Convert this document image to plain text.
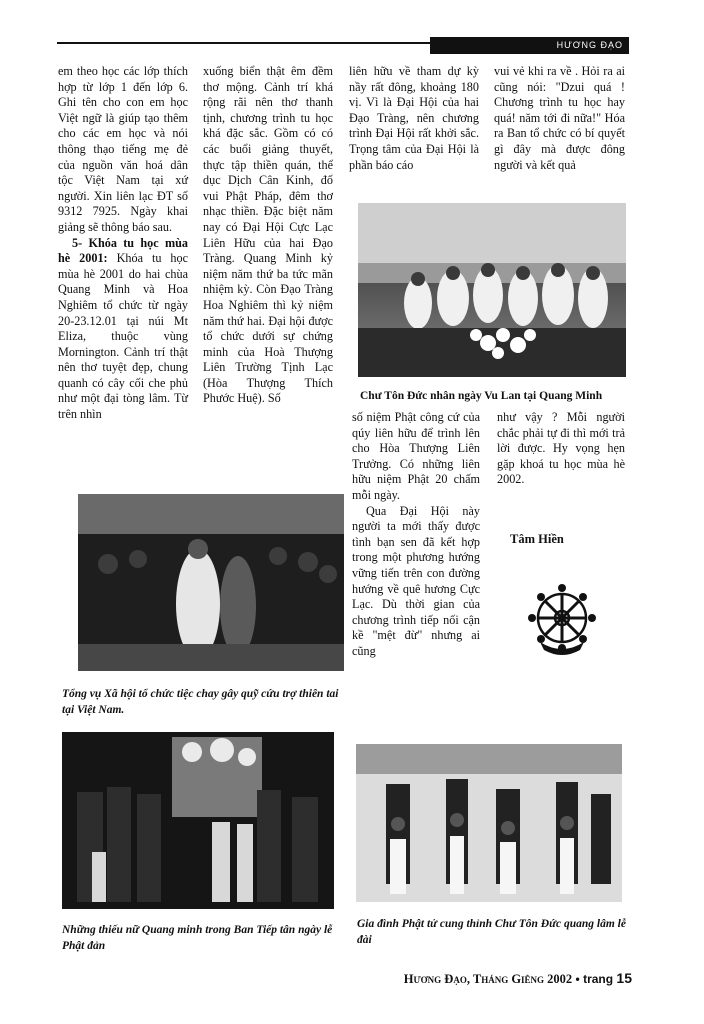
HƯƠNG ĐẠO

em theo học các lớp thích hợp từ lớp 1 đến lớp 6. Ghi tên cho con em học Việt ngữ là giúp tạo thêm cho các em học và nói thông thạo tiếng mẹ đẻ của nguồn văn hoá dân tộc Việt Nam tại xứ người. Xin liên lạc ĐT số 9312 7925. Ngày khai giảng sẽ thông báo sau.

5- Khóa tu học mùa hè 2001: Khóa tu học mùa hè 2001 do hai chùa Quang Minh và Hoa Nghiêm tổ chức từ ngày 20-23.12.01 tại núi Mt Eliza, thuộc vùng Mornington. Cảnh trí thật nên thơ tuyệt đẹp, chung quanh có cây cối che phủ như một đại tòng lâm. Từ trên nhìn

xuống biển thật êm đềm thơ mộng. Cảnh trí khá rộng rãi nên thơ thanh tịnh, chương trình tu học khá đặc sắc. Gồm có có các buổi giảng thuyết, thực tập thiền quán, thể dục Dịch Cân Kinh, đố vui Phật Pháp, đêm thơ nhạc thiền. Đặc biệt năm nay có Đại Hội Cực Lạc Liên Hữu của hai Đạo Tràng. Quang Minh kỷ niệm năm thứ ba tức mãn nhiệm kỳ. Còn Đạo Tràng Hoa Nghiêm thì kỷ niệm năm thứ hai. Đại hội được tổ chức dưới sự chứng minh của Hoà Thượng Liên Trường Tịnh Lạc (Hòa Thượng Thích Phước Huệ). Số

liên hữu về tham dự kỳ nầy rất đông, khoảng 180 vị. Vì là Đại Hội của hai Đạo Tràng, nên chương trình Đại Hội rất khởi sắc. Trọng tâm của Đại Hội là phần báo cáo

vui vẻ khi ra về . Hỏi ra ai cũng nói: "Dzui quá ! Chương trình tu học hay quá! năm tới đi nữa!" Hóa ra Ban tổ chức có bí quyết gì đây mà được đông người và kết quả

Chư Tôn Đức nhân ngày Vu Lan tại Quang Minh

số niệm Phật công cứ của qúy liên hữu để trình lên cho Hòa Thượng Liên Trưởng. Có những liên hữu niệm Phật 20 chấm mỗi ngày.

Qua Đại Hội này người ta mới thấy được tình bạn sen đã kết hợp trong một phương hướng vững tiến trên con đường hướng về quê hương Cực Lạc. Dù thời gian của chương trình tiếp nối cận kề "mệt đừ" nhưng ai cũng

như vậy ? Mỗi người chắc phải tự đi thì mới trả lời được. Hy vọng hẹn gặp khoá tu học mùa hè 2002.

Tâm Hiền

Tổng vụ Xã hội tổ chức tiệc chay gây quỹ cứu trợ thiên tai tại Việt Nam.

Những thiếu nữ Quang minh trong Ban Tiếp tân ngày lễ Phật đản

Gia đình Phật tử cung thỉnh Chư Tôn Đức quang lâm lễ đài

Hương Đạo, Tháng Giêng 2002 • trang 15
